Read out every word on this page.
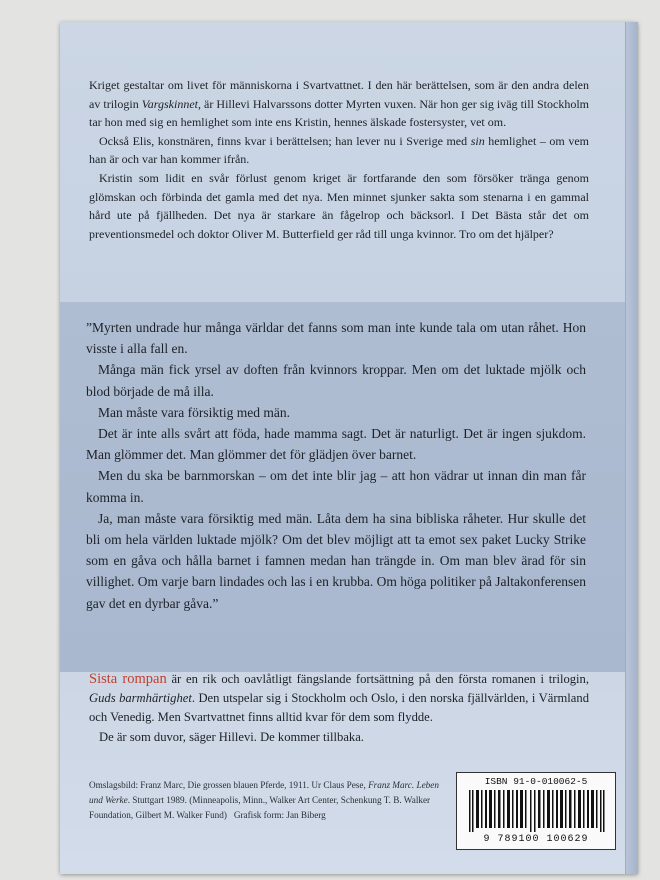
Kriget gestaltar om livet för människorna i Svartvattnet. I den här berättelsen, som är den andra delen av trilogin Vargskinnet, är Hillevi Halvarssons dotter Myrten vuxen. När hon ger sig iväg till Stockholm tar hon med sig en hemlighet som inte ens Kristin, hennes älskade fostersyster, vet om.

Också Elis, konstnären, finns kvar i berättelsen; han lever nu i Sverige med sin hemlighet – om vem han är och var han kommer ifrån.

Kristin som lidit en svår förlust genom kriget är fortfarande den som försöker tränga genom glömskan och förbinda det gamla med det nya. Men minnet sjunker sakta som stenarna i en gammal hård ute på fjällheden. Det nya är starkare än fågelrop och bäcksorl. I Det Bästa står det om preventionsmedel och doktor Oliver M. Butterfield ger råd till unga kvinnor. Tro om det hjälper?

”Myrten undrade hur många världar det fanns som man inte kunde tala om utan råhet. Hon visste i alla fall en.

Många män fick yrsel av doften från kvinnors kroppar. Men om det luktade mjölk och blod började de må illa.

Man måste vara försiktig med män.

Det är inte alls svårt att föda, hade mamma sagt. Det är naturligt. Det är ingen sjukdom. Man glömmer det. Man glömmer det för glädjen över barnet.

Men du ska be barnmorskan – om det inte blir jag – att hon vädrar ut innan din man får komma in.

Ja, man måste vara försiktig med män. Låta dem ha sina bibliska råheter. Hur skulle det bli om hela världen luktade mjölk? Om det blev möjligt att ta emot sex paket Lucky Strike som en gåva och hålla barnet i famnen medan han trängde in. Om man blev ärad för sin villighet. Om varje barn lindades och las i en krubba. Om höga politiker på Jaltakonferensen gav det en dyrbar gåva.”

Sista rompan är en rik och oavlåtligt fängslande fortsättning på den första romanen i trilogin, Guds barmhärtighet. Den utspelar sig i Stockholm och Oslo, i den norska fjällvärlden, i Värmland och Venedig. Men Svartvattnet finns alltid kvar för dem som flydde.

De är som duvor, säger Hillevi. De kommer tillbaka.

Omslagsbild: Franz Marc, Die grossen blauen Pferde, 1911. Ur Claus Pese, Franz Marc. Leben und Werke. Stuttgart 1989. (Minneapolis, Minn., Walker Art Center, Schenkung T. B. Walker Foundation, Gilbert M. Walker Fund) Grafisk form: Jan Biberg
ISBN 91-0-010062-5
9 789100 100629
